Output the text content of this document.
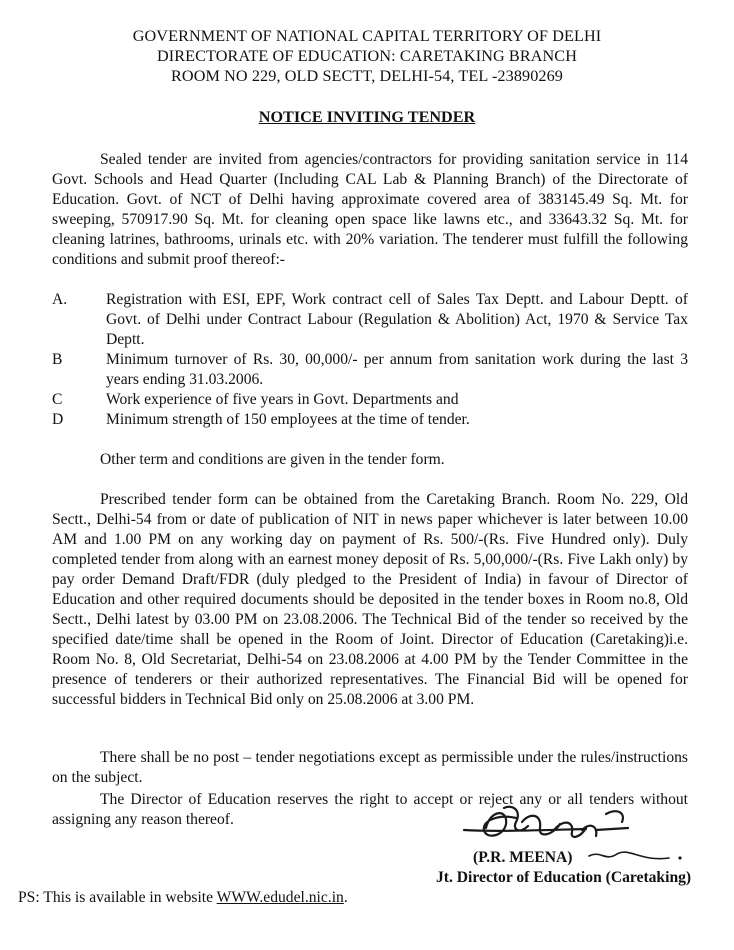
GOVERNMENT OF NATIONAL CAPITAL TERRITORY OF DELHI
DIRECTORATE OF EDUCATION: CARETAKING BRANCH
ROOM NO 229, OLD SECTT, DELHI-54, TEL -23890269
NOTICE INVITING TENDER
Sealed tender are invited from agencies/contractors for providing sanitation service in 114 Govt. Schools and Head Quarter (Including CAL Lab & Planning Branch) of the Directorate of Education. Govt. of NCT of Delhi having approximate covered area of 383145.49 Sq. Mt. for sweeping, 570917.90 Sq. Mt. for cleaning open space like lawns etc., and 33643.32 Sq. Mt. for cleaning latrines, bathrooms, urinals etc. with 20% variation. The tenderer must fulfill the following conditions and submit proof thereof:-
A.	Registration with ESI, EPF, Work contract cell of Sales Tax Deptt. and Labour Deptt. of Govt. of Delhi under Contract Labour (Regulation & Abolition) Act, 1970 & Service Tax Deptt.
B	Minimum turnover of Rs. 30, 00,000/- per annum from sanitation work during the last 3 years ending 31.03.2006.
C	Work experience of five years in Govt. Departments and
D	Minimum strength of 150 employees at the time of tender.
Other term and conditions are given in the tender form.
Prescribed tender form can be obtained from the Caretaking Branch. Room No. 229, Old Sectt., Delhi-54 from or date of publication of NIT in news paper whichever is later between 10.00 AM and 1.00 PM on any working day on payment of Rs. 500/-(Rs. Five Hundred only). Duly completed tender from along with an earnest money deposit of Rs. 5,00,000/-(Rs. Five Lakh only) by pay order Demand Draft/FDR (duly pledged to the President of India) in favour of Director of Education and other required documents should be deposited in the tender boxes in Room no.8, Old Sectt., Delhi latest by 03.00 PM on 23.08.2006. The Technical Bid of the tender so received by the specified date/time shall be opened in the Room of Joint. Director of Education (Caretaking)i.e. Room No. 8, Old Secretariat, Delhi-54 on 23.08.2006 at 4.00 PM by the Tender Committee in the presence of tenderers or their authorized representatives. The Financial Bid will be opened for successful bidders in Technical Bid only on 25.08.2006 at 3.00 PM.
There shall be no post – tender negotiations except as permissible under the rules/instructions on the subject.
The Director of Education reserves the right to accept or reject any or all tenders without assigning any reason thereof.
(P.R. MEENA)
Jt. Director of Education (Caretaking)
PS: This is available in website WWW.edudel.nic.in.
